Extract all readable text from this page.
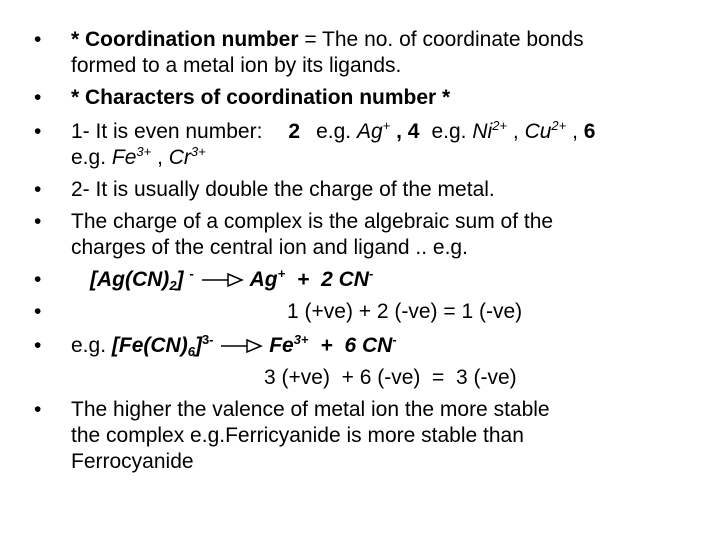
• * Coordination number = The no. of coordinate bonds
formed to a metal ion by its ligands.
• * Characters of coordination number *
• 1- It is even number: 2 e.g. Ag+ , 4 e.g. $Ni^{2+}$ , $Cu^{2+}$ , 6
e.g. $Fe^{3+}$ , $Cr^{3+}$
• 2- It is usually double the charge of the metal.
• The charge of a complex is the algebraic sum of the
charges of the central ion and ligand .. e.g.
• $[Ag(CN)_2]$ -	Ag+ + 2 CN-
•	1 (+ve) + 2 (-ve) = 1 (-ve)
• e.g. $[Fe(CN)_6]^{3-}$	$Fe^{3+} + 6$ CN-
3 (+ve)  + 6 (-ve)  =  3 (-ve)
• The higher the valence of metal ion the more stable
the complex e.g.Ferricyanide is more stable than
Ferrocyanide
